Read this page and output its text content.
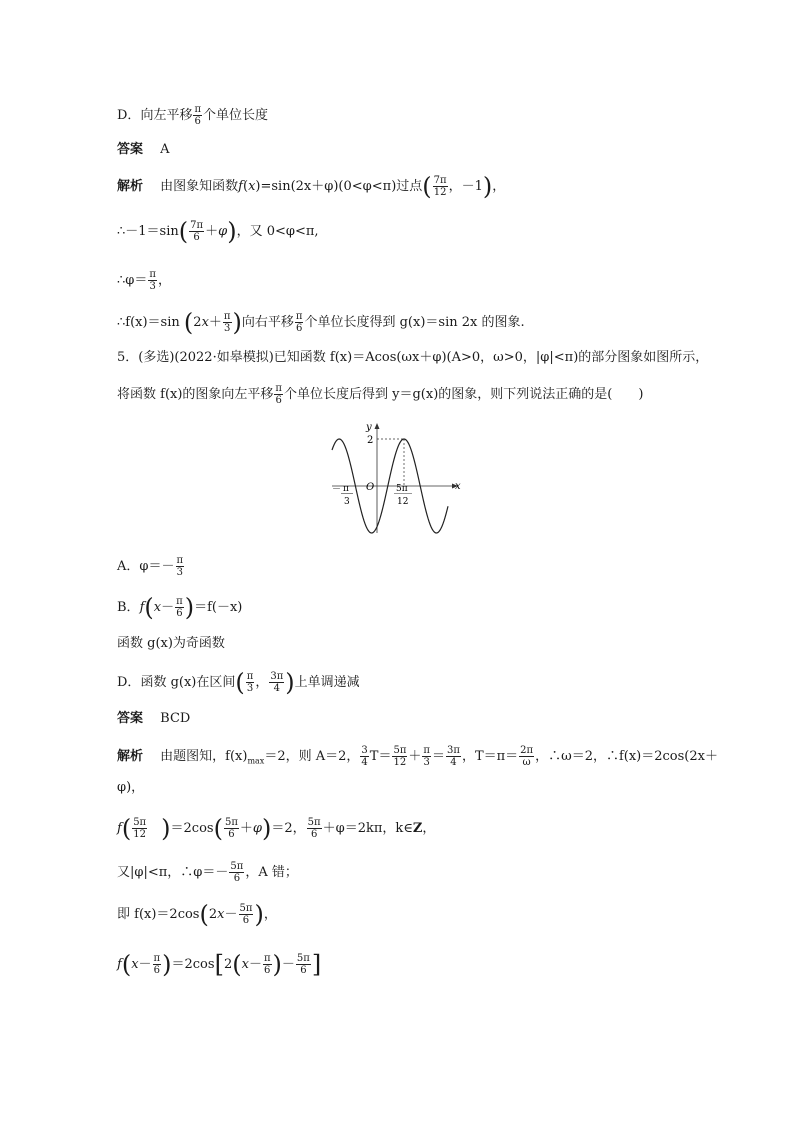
D．向左平移 $\frac{\pi}{6}$ 个单位长度
答案　 A
解析　 由图象知函数f(x)=sin(2x＋φ)(0<φ<π)过点( $\frac{7\pi}{12}$ ，－1)，
∴－1＝sin( $\frac{7\pi}{6} +\varphi$)，又 0<φ<π,
∴φ＝ $\frac{\pi}{3}$ ，
∴f(x)＝sin ($2x+ \frac{\pi}{3}$ )向右平移 $\frac{\pi}{6}$ 个单位长度得到 g(x)＝sin 2x 的图象.
5．(多选)(2022·如皋模拟)已知函数 f(x)＝Acos(ωx＋φ)(A>0，ω>0，|φ|<π)的部分图象如图所示，
将函数 f(x)的图象向左平移 $\frac{\pi}{6}$ 个单位长度后得到 y＝g(x)的图象，则下列说法正确的是(　　)
y
x
O
2
－ π
3
5π
12
A．$\varphi=- \frac{\pi}{3}$
B．$f(x- \frac{\pi}{6} )=f(-x)$
函数 g(x)为奇函数
D．函数 g(x)在区间( $\frac{\pi}{3}$ ， $\frac{3\pi}{4}$ )上单调递减
答案　 BCD
解析　 由题图知，$f(x)_{max}=2$，则 A＝2， $\frac{3}{4} T= \frac{5\pi}{12} + \frac{\pi}{3} = \frac{3\pi}{4}$ ，$T=\pi= \frac{2\pi}{\omega}$ ，∴ω＝2，∴f(x)＝2cos(2x＋
φ)，
$f( \frac{5\pi}{12}$
　 )$=2\cos( \frac{5\pi}{6} +\varphi)=2$， $\frac{5\pi}{6} +\varphi=2k\pi$，k∈Z，
又|φ|<π，∴φ＝－ $\frac{5\pi}{6}$ ，A 错；
即 $f(x)=2\cos(2x- \frac{5\pi}{6}$ )，
$f(x- \frac{\pi}{6} )=2\cos[2(x- \frac{\pi}{6}$ )－ $\frac{5\pi}{6}$ ]
